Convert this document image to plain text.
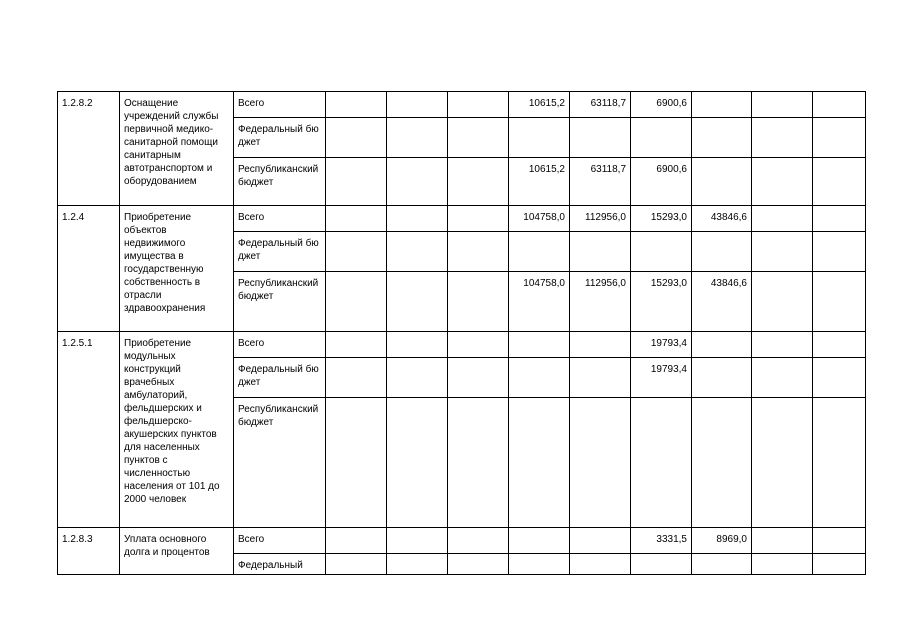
1.2.8.2	Оснащение учреждений службы первичной медико-санитарной помощи санитарным автотранспортом и оборудованием	Всего				10615,2	63118,7	6900,6			
		Федеральный бюджет									
		Республиканский бюджет				10615,2	63118,7	6900,6			
1.2.4	Приобретение объектов недвижимого имущества в государственную собственность в отрасли здравоохранения	Всего				104758,0	112956,0	15293,0	43846,6		
		Федеральный бюджет									
		Республиканский бюджет				104758,0	112956,0	15293,0	43846,6		
1.2.5.1	Приобретение модульных конструкций врачебных амбулаторий, фельдшерских и фельдшерско-акушерских пунктов для населенных пунктов с численностью населения от 101 до 2000 человек	Всего						19793,4			
		Федеральный бюджет						19793,4			
		Республиканский бюджет									
1.2.8.3	Уплата основного долга и процентов	Всего						3331,5	8969,0		
		Федеральный									
